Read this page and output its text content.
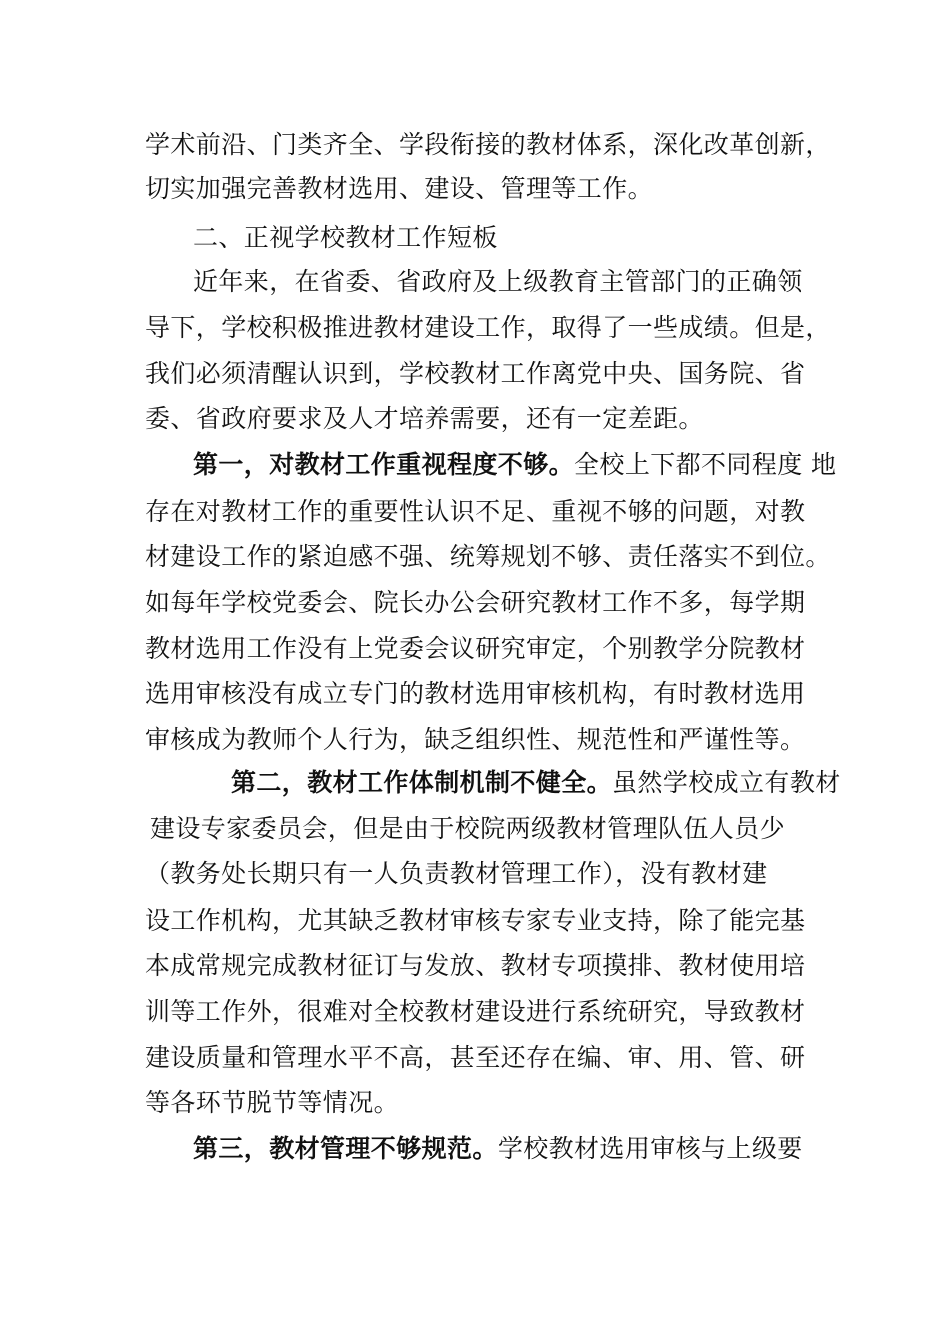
学术前沿、门类齐全、学段衔接的教材体系，深化改革创新，
切实加强完善教材选用、建设、管理等工作。
二、正视学校教材工作短板
近年来，在省委、省政府及上级教育主管部门的正确领
导下，学校积极推进教材建设工作，取得了一些成绩。但是，
我们必须清醒认识到，学校教材工作离党中央、国务院、省
委、省政府要求及人才培养需要，还有一定差距。
第一，对教材工作重视程度不够。全校上下都不同程度 地
存在对教材工作的重要性认识不足、重视不够的问题，对教
材建设工作的紧迫感不强、统筹规划不够、责任落实不到位。
如每年学校党委会、院长办公会研究教材工作不多，每学期
教材选用工作没有上党委会议研究审定，个别教学分院教材
选用审核没有成立专门的教材选用审核机构，有时教材选用
审核成为教师个人行为，缺乏组织性、规范性和严谨性等。
第二，教材工作体制机制不健全。虽然学校成立有教材
建设专家委员会，但是由于校院两级教材管理队伍人员少
（教务处长期只有一人负责教材管理工作），没有教材建
设工作机构，尤其缺乏教材审核专家专业支持，除了能完基
本成常规完成教材征订与发放、教材专项摸排、教材使用培
训等工作外，很难对全校教材建设进行系统研究，导致教材
建设质量和管理水平不高，甚至还存在编、审、用、管、研
等各环节脱节等情况。
第三，教材管理不够规范。学校教材选用审核与上级要
